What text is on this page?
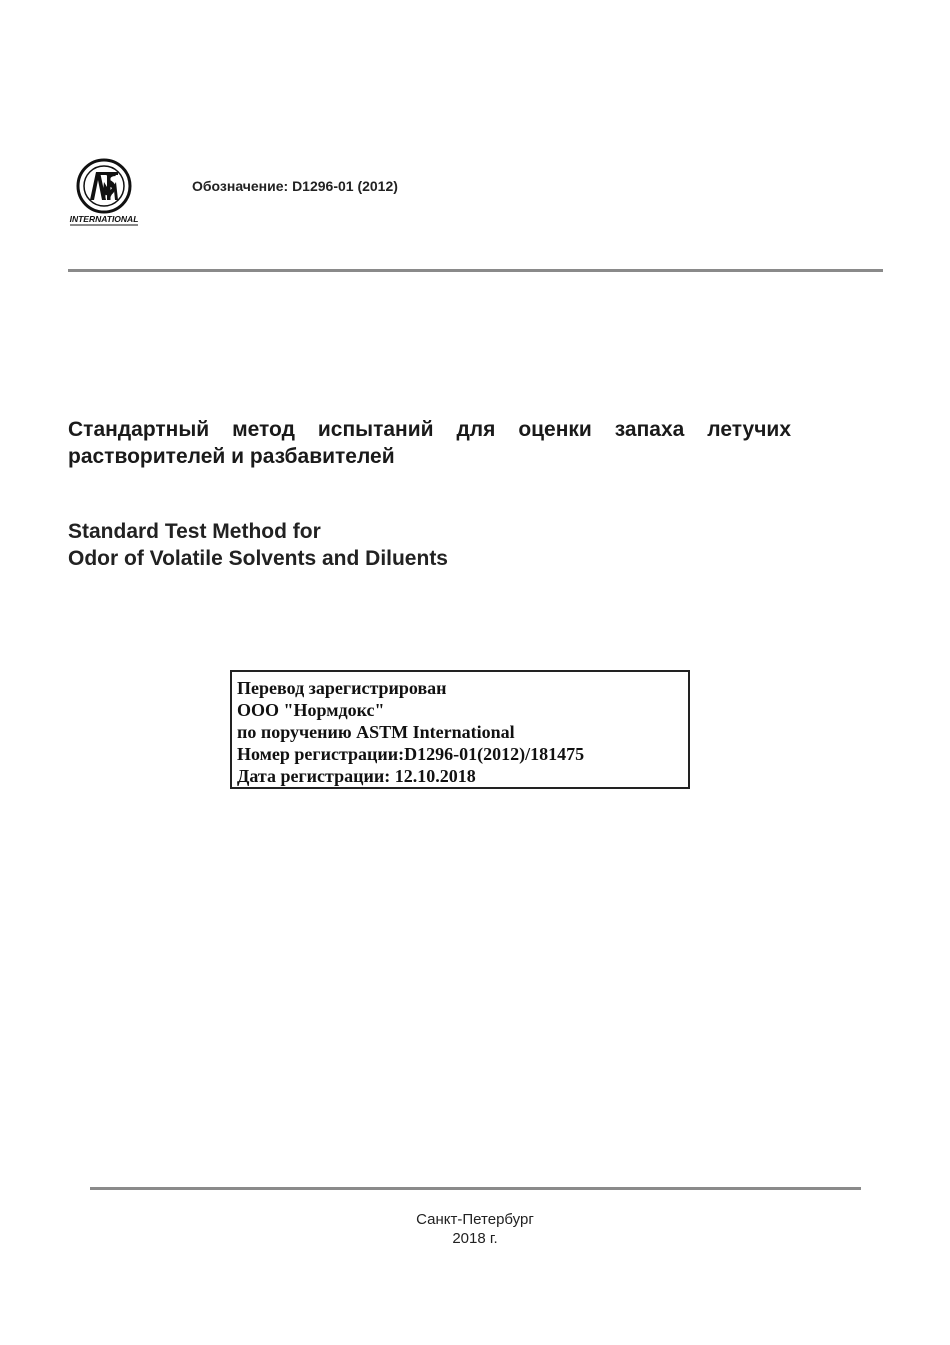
INTERNATIONAL
Обозначение: D1296-01 (2012)
Стандартный метод испытаний для оценки запаха летучих растворителей и разбавителей
Standard Test Method for
Odor of Volatile Solvents and Diluents
Перевод зарегистрирован
ООО "Нормдокс"
по поручению ASTM International
Номер регистрации:D1296-01(2012)/181475
Дата регистрации: 12.10.2018
Санкт-Петербург
2018 г.
